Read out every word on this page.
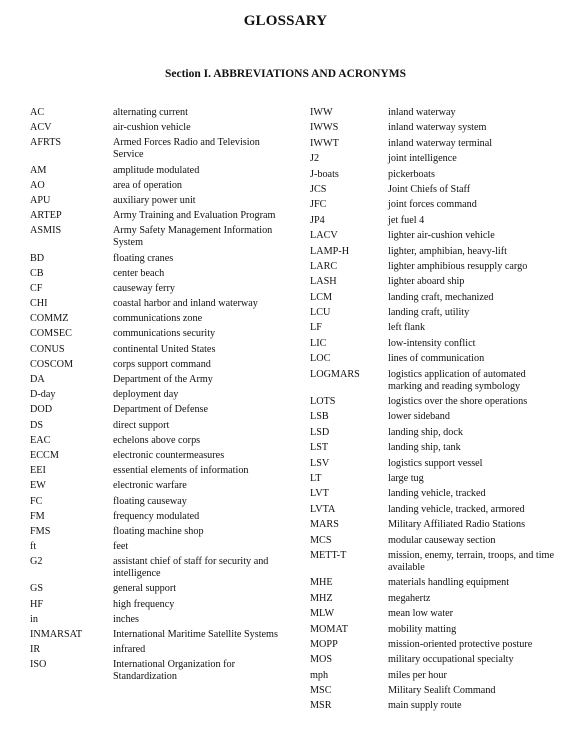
GLOSSARY
Section I. ABBREVIATIONS AND ACRONYMS
AC	alternating current
ACV	air-cushion vehicle
AFRTS	Armed Forces Radio and Television Service
AM	amplitude modulated
AO	area of operation
APU	auxiliary power unit
ARTEP	Army Training and Evaluation Program
ASMIS	Army Safety Management Information System
BD	floating cranes
CB	center beach
CF	causeway ferry
CHI	coastal harbor and inland waterway
COMMZ	communications zone
COMSEC	communications security
CONUS	continental United States
COSCOM	corps support command
DA	Department of the Army
D-day	deployment day
DOD	Department of Defense
DS	direct support
EAC	echelons above corps
ECCM	electronic countermeasures
EEI	essential elements of information
EW	electronic warfare
FC	floating causeway
FM	frequency modulated
FMS	floating machine shop
ft	feet
G2	assistant chief of staff for security and intelligence
GS	general support
HF	high frequency
in	inches
INMARSAT	International Maritime Satellite Systems
IR	infrared
ISO	International Organization for Standardization
IWW	inland waterway
IWWS	inland waterway system
IWWT	inland waterway terminal
J2	joint intelligence
J-boats	pickerboats
JCS	Joint Chiefs of Staff
JFC	joint forces command
JP4	jet fuel 4
LACV	lighter air-cushion vehicle
LAMP-H	lighter, amphibian, heavy-lift
LARC	lighter amphibious resupply cargo
LASH	lighter aboard ship
LCM	landing craft, mechanized
LCU	landing craft, utility
LF	left flank
LIC	low-intensity conflict
LOC	lines of communication
LOGMARS	logistics application of automated marking and reading symbology
LOTS	logistics over the shore operations
LSB	lower sideband
LSD	landing ship, dock
LST	landing ship, tank
LSV	logistics support vessel
LT	large tug
LVT	landing vehicle, tracked
LVTA	landing vehicle, tracked, armored
MARS	Military Affiliated Radio Stations
MCS	modular causeway section
METT-T	mission, enemy, terrain, troops, and time available
MHE	materials handling equipment
MHZ	megahertz
MLW	mean low water
MOMAT	mobility matting
MOPP	mission-oriented protective posture
MOS	military occupational specialty
mph	miles per hour
MSC	Military Sealift Command
MSR	main supply route
